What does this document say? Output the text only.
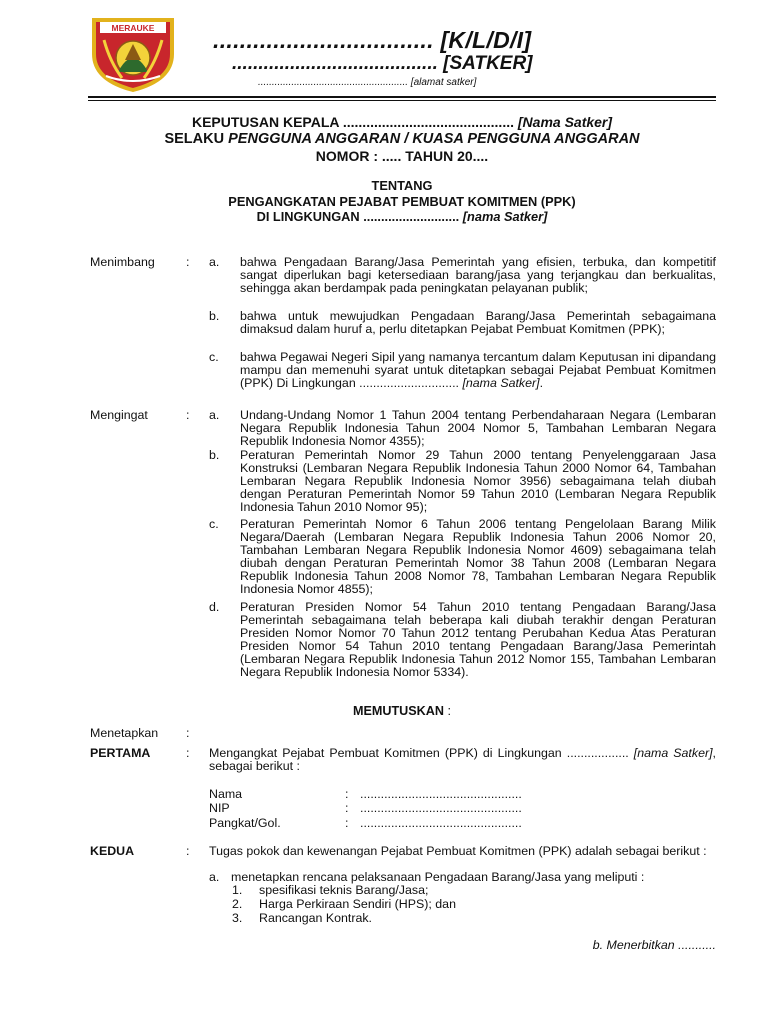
MERAUKE	................................. [K/L/D/I]
....................................... [SATKER]
...................................................... [alamat satker]
KEPUTUSAN KEPALA ............................................ [Nama Satker]
SELAKU PENGGUNA ANGGARAN / KUASA PENGGUNA ANGGARAN
NOMOR : ..... TAHUN 20....
TENTANG
PENGANGKATAN PEJABAT PEMBUAT KOMITMEN (PPK)
DI LINGKUNGAN ........................... [nama Satker]
Menimbang	: a. bahwa Pengadaan Barang/Jasa Pemerintah yang efisien, terbuka, dan kompetitif sangat diperlukan bagi ketersediaan barang/jasa yang terjangkau dan berkualitas, sehingga akan berdampak pada peningkatan pelayanan publik;
b. bahwa untuk mewujudkan Pengadaan Barang/Jasa Pemerintah sebagaimana dimaksud dalam huruf a, perlu ditetapkan Pejabat Pembuat Komitmen (PPK);
c. bahwa Pegawai Negeri Sipil yang namanya tercantum dalam Keputusan ini dipandang mampu dan memenuhi syarat untuk ditetapkan sebagai Pejabat Pembuat Komitmen (PPK) Di Lingkungan ............................. [nama Satker].
Mengingat	: a. Undang-Undang Nomor 1 Tahun 2004 tentang Perbendaharaan Negara (Lembaran Negara Republik Indonesia Tahun 2004 Nomor 5, Tambahan Lembaran Negara Republik Indonesia Nomor 4355);
b. Peraturan Pemerintah Nomor 29 Tahun 2000 tentang Penyelenggaraan Jasa Konstruksi (Lembaran Negara Republik Indonesia Tahun 2000 Nomor 64, Tambahan Lembaran Negara Republik Indonesia Nomor 3956) sebagaimana telah diubah dengan Peraturan Pemerintah Nomor 59 Tahun 2010 (Lembaran Negara Republik Indonesia Tahun 2010 Nomor 95);
c. Peraturan Pemerintah Nomor 6 Tahun 2006 tentang Pengelolaan Barang Milik Negara/Daerah (Lembaran Negara Republik Indonesia Tahun 2006 Nomor 20, Tambahan Lembaran Negara Republik Indonesia Nomor 4609) sebagaimana telah diubah dengan Peraturan Pemerintah Nomor 38 Tahun 2008 (Lembaran Negara Republik Indonesia Tahun 2008 Nomor 78, Tambahan Lembaran Negara Republik Indonesia Nomor 4855);
d. Peraturan Presiden Nomor 54 Tahun 2010 tentang Pengadaan Barang/Jasa Pemerintah sebagaimana telah beberapa kali diubah terakhir dengan Peraturan Presiden Nomor Nomor 70 Tahun 2012 tentang Perubahan Kedua Atas Peraturan Presiden Nomor 54 Tahun 2010 tentang Pengadaan Barang/Jasa Pemerintah (Lembaran Negara Republik Indonesia Tahun 2012 Nomor 155, Tambahan Lembaran Negara Republik Indonesia Nomor 5334).
MEMUTUSKAN :
Menetapkan :
PERTAMA	: Mengangkat Pejabat Pembuat Komitmen (PPK) di Lingkungan .................. [nama Satker], sebagai berikut :
Nama	: ...............................................
NIP	: ...............................................
Pangkat/Gol.	: ...............................................
KEDUA	: Tugas pokok dan kewenangan Pejabat Pembuat Komitmen (PPK) adalah sebagai berikut :
a. menetapkan rencana pelaksanaan Pengadaan Barang/Jasa yang meliputi :
1. spesifikasi teknis Barang/Jasa;
2. Harga Perkiraan Sendiri (HPS); dan
3. Rancangan Kontrak.
b. Menerbitkan ...........
